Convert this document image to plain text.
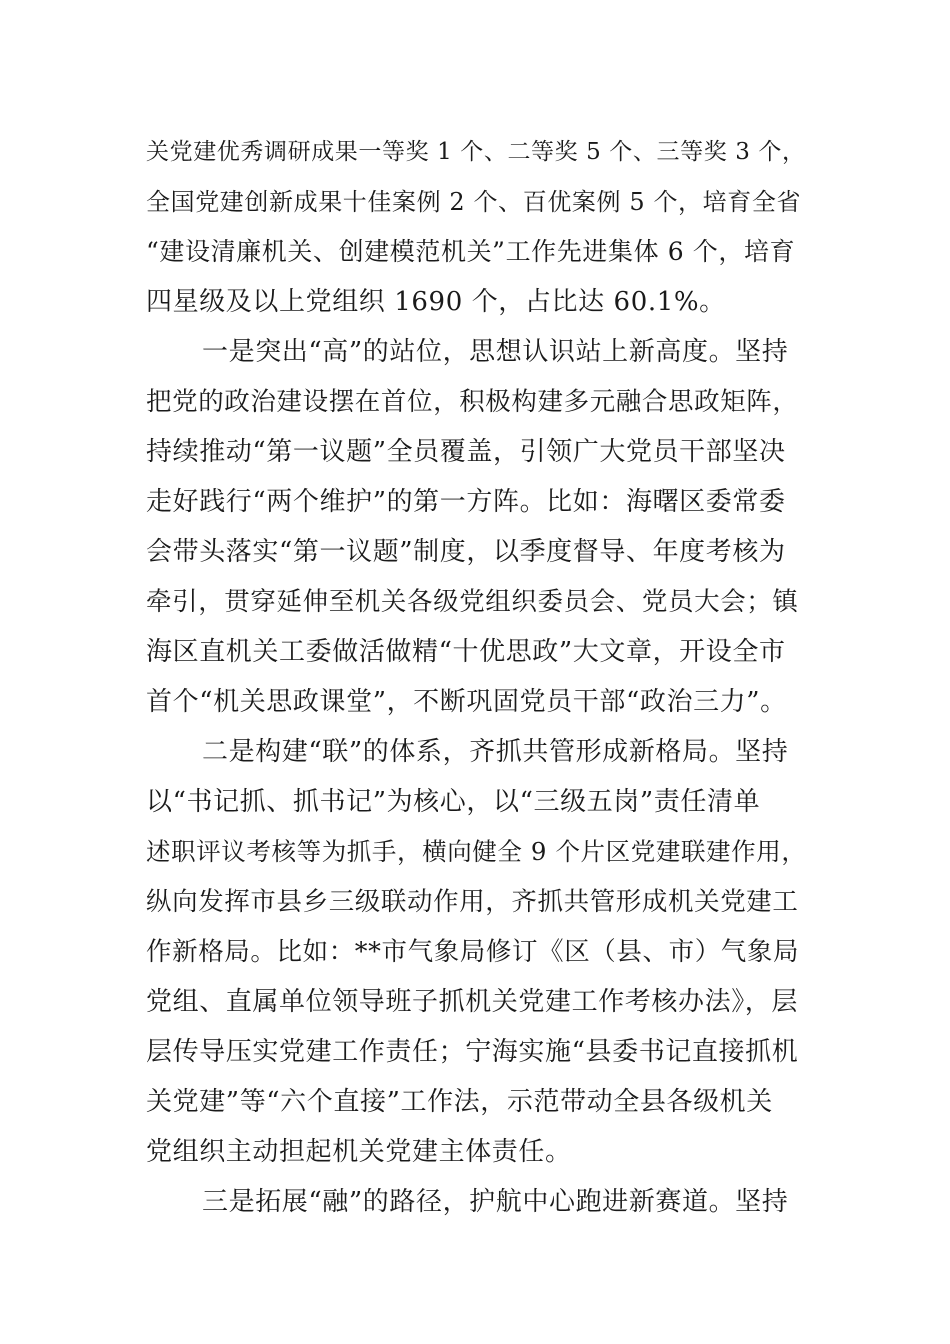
关党建优秀调研成果一等奖 1 个、二等奖 5 个、三等奖 3 个，
全国党建创新成果十佳案例 2 个、百优案例 5 个，培育全省
“建设清廉机关、创建模范机关”工作先进集体 6 个，培育
四星级及以上党组织 1690 个，占比达 60.1%。
一是突出“高”的站位，思想认识站上新高度。坚持
把党的政治建设摆在首位，积极构建多元融合思政矩阵，
持续推动“第一议题”全员覆盖，引领广大党员干部坚决
走好践行“两个维护”的第一方阵。比如：海曙区委常委
会带头落实“第一议题”制度，以季度督导、年度考核为
牵引，贯穿延伸至机关各级党组织委员会、党员大会；镇
海区直机关工委做活做精“十优思政”大文章，开设全市
首个“机关思政课堂”，不断巩固党员干部“政治三力”。
二是构建“联”的体系，齐抓共管形成新格局。坚持
以“书记抓、抓书记”为核心，以“三级五岗”责任清单
述职评议考核等为抓手，横向健全 9 个片区党建联建作用，
纵向发挥市县乡三级联动作用，齐抓共管形成机关党建工
作新格局。比如：**市气象局修订《区（县、市）气象局
党组、直属单位领导班子抓机关党建工作考核办法》，层
层传导压实党建工作责任；宁海实施“县委书记直接抓机
关党建”等“六个直接”工作法，示范带动全县各级机关
党组织主动担起机关党建主体责任。
三是拓展“融”的路径，护航中心跑进新赛道。坚持
